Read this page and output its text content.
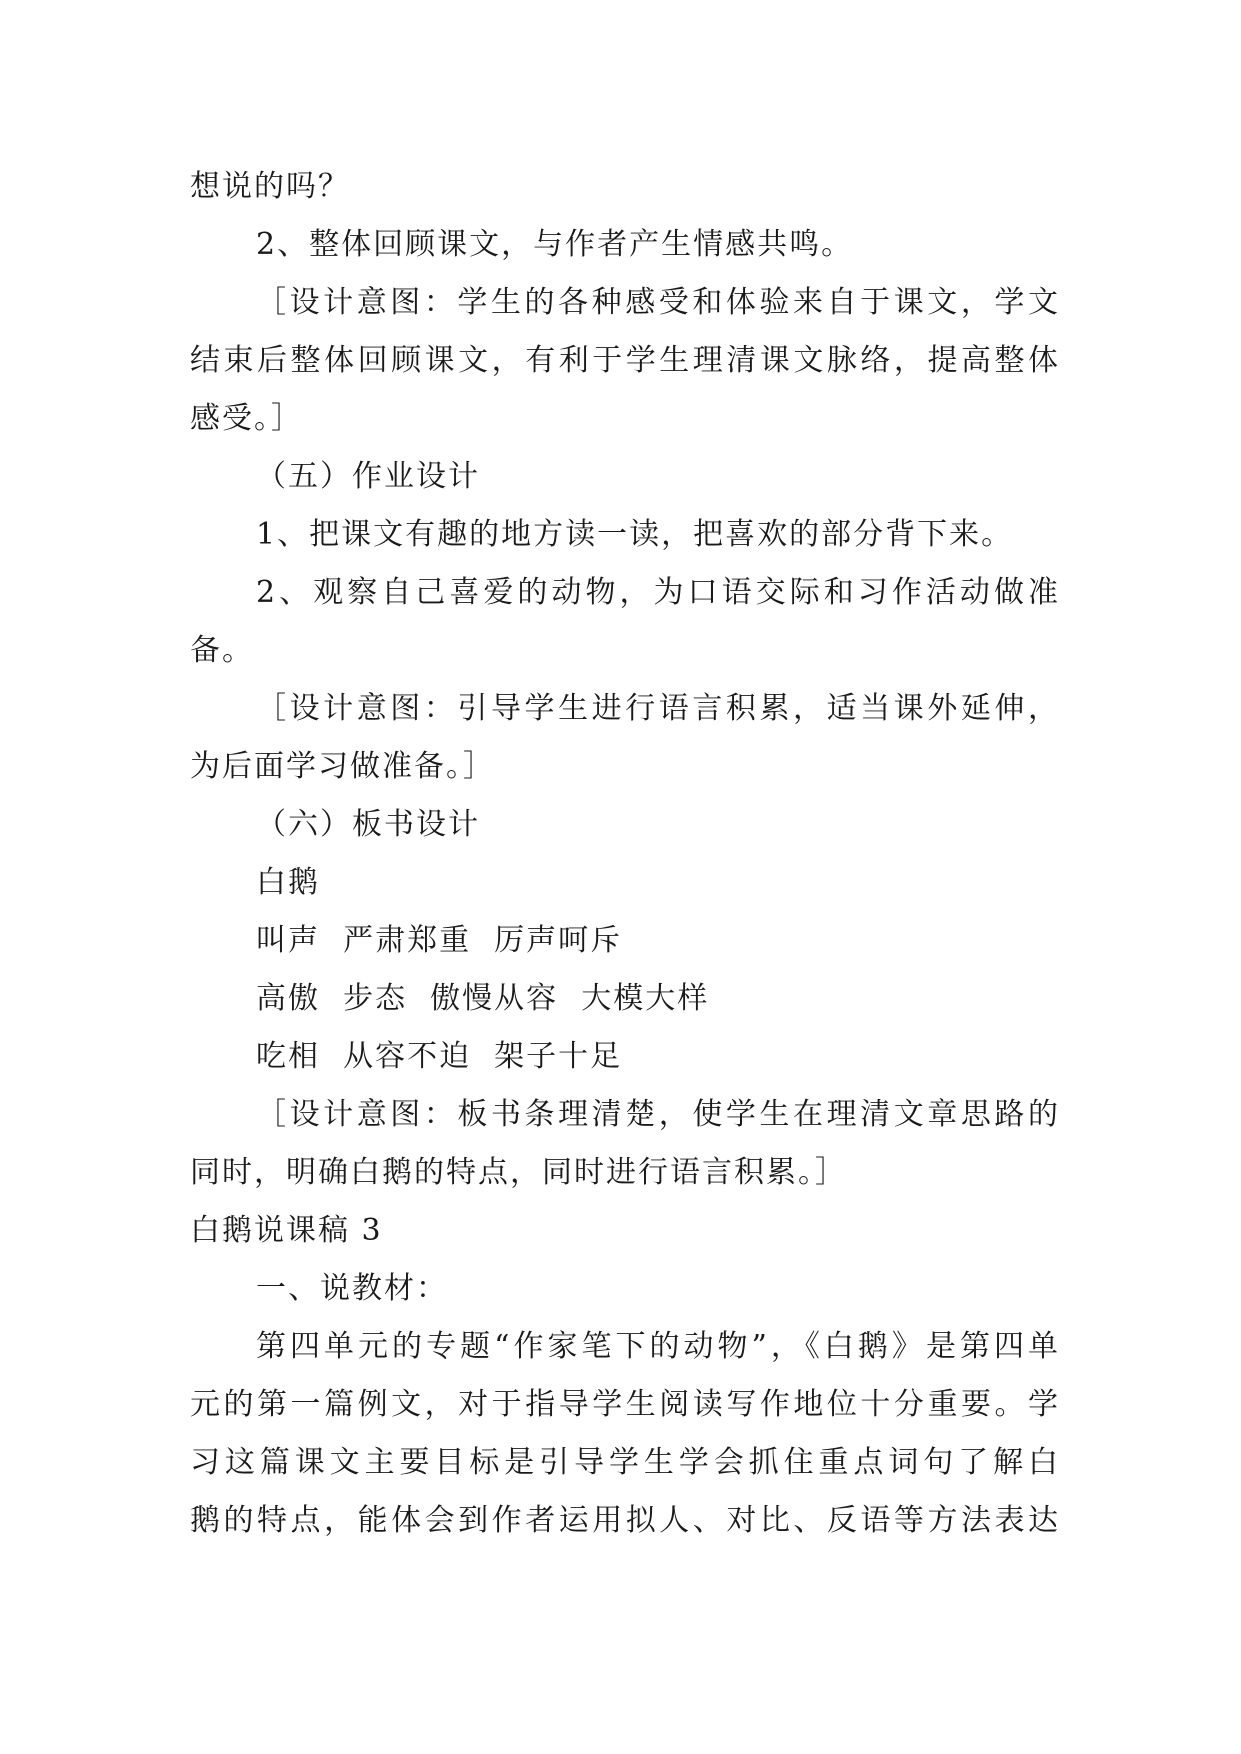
想说的吗？
2、整体回顾课文，与作者产生情感共鸣。
［设计意图：学生的各种感受和体验来自于课文，学文
结束后整体回顾课文，有利于学生理清课文脉络，提高整体
感受。］
（五）作业设计
1、把课文有趣的地方读一读，把喜欢的部分背下来。
2、观察自己喜爱的动物，为口语交际和习作活动做准
备。
［设计意图：引导学生进行语言积累，适当课外延伸，
为后面学习做准备。］
（六）板书设计
白鹅
叫声  严肃郑重  厉声呵斥
高傲  步态  傲慢从容  大模大样
吃相  从容不迫  架子十足
［设计意图：板书条理清楚，使学生在理清文章思路的
同时，明确白鹅的特点，同时进行语言积累。］
白鹅说课稿 3
一、说教材：
第四单元的专题“作家笔下的动物”，《白鹅》是第四单
元的第一篇例文，对于指导学生阅读写作地位十分重要。学
习这篇课文主要目标是引导学生学会抓住重点词句了解白
鹅的特点，能体会到作者运用拟人、对比、反语等方法表达
